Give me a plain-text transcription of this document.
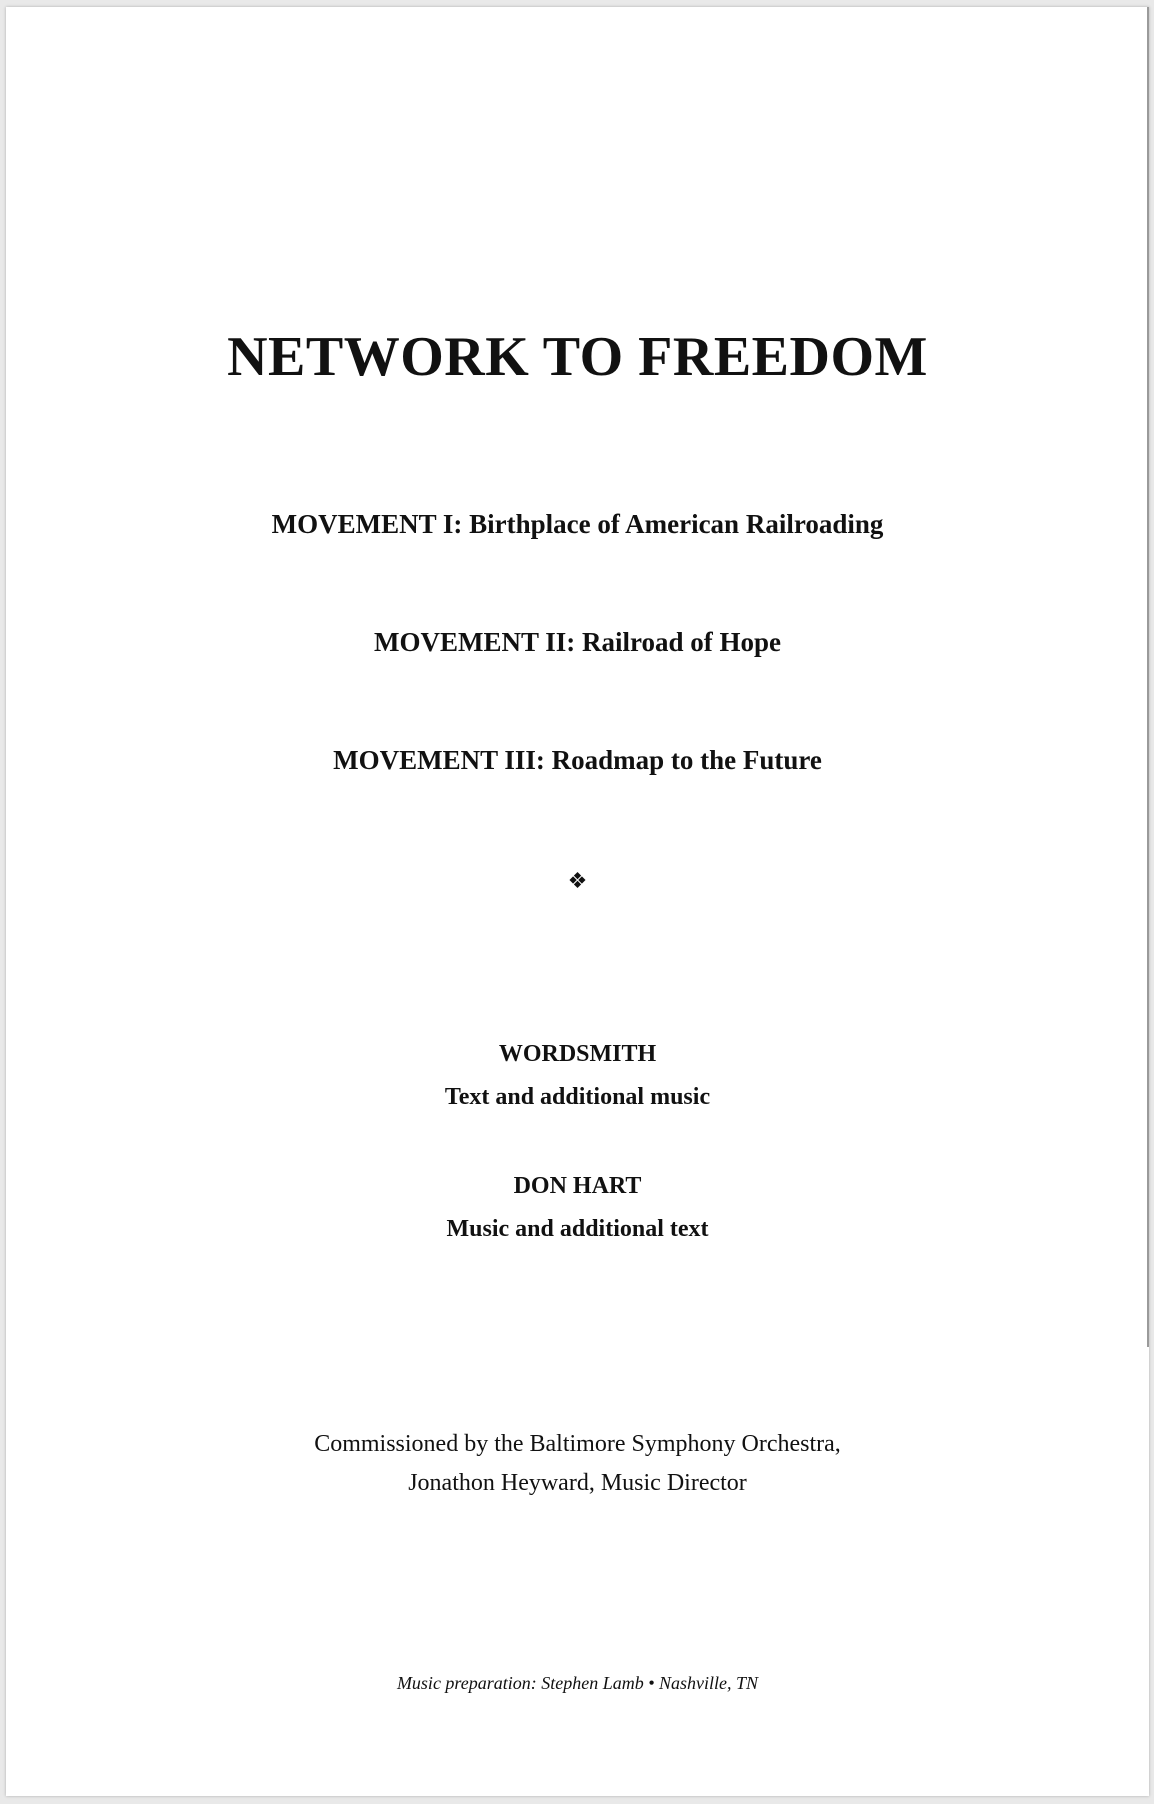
NETWORK TO FREEDOM
MOVEMENT I: Birthplace of American Railroading
MOVEMENT II: Railroad of Hope
MOVEMENT III: Roadmap to the Future
❖
WORDSMITH
Text and additional music
DON HART
Music and additional text
Commissioned by the Baltimore Symphony Orchestra,
Jonathon Heyward, Music Director
Music preparation: Stephen Lamb • Nashville, TN
